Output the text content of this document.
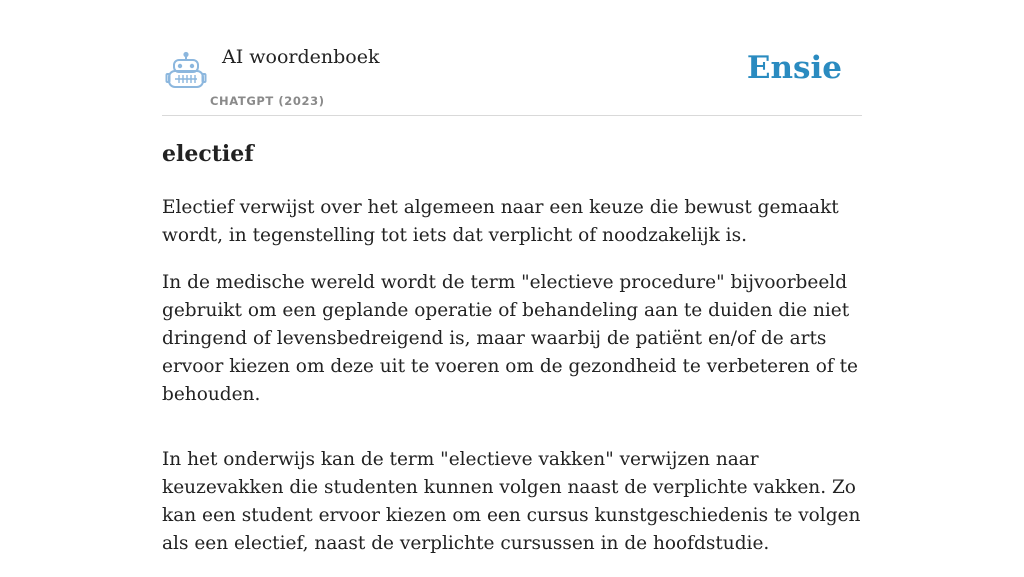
AI woordenboek
CHATGPT (2023)
Ensie
electief

Electief verwijst over het algemeen naar een keuze die bewust gemaakt wordt, in tegenstelling tot iets dat verplicht of noodzakelijk is.

In de medische wereld wordt de term "electieve procedure" bijvoorbeeld gebruikt om een geplande operatie of behandeling aan te duiden die niet dringend of levensbedreigend is, maar waarbij de patiënt en/of de arts ervoor kiezen om deze uit te voeren om de gezondheid te verbeteren of te behouden.

In het onderwijs kan de term "electieve vakken" verwijzen naar keuzevakken die studenten kunnen volgen naast de verplichte vakken. Zo kan een student ervoor kiezen om een cursus kunstgeschiedenis te volgen als een electief, naast de verplichte cursussen in de hoofdstudie.
